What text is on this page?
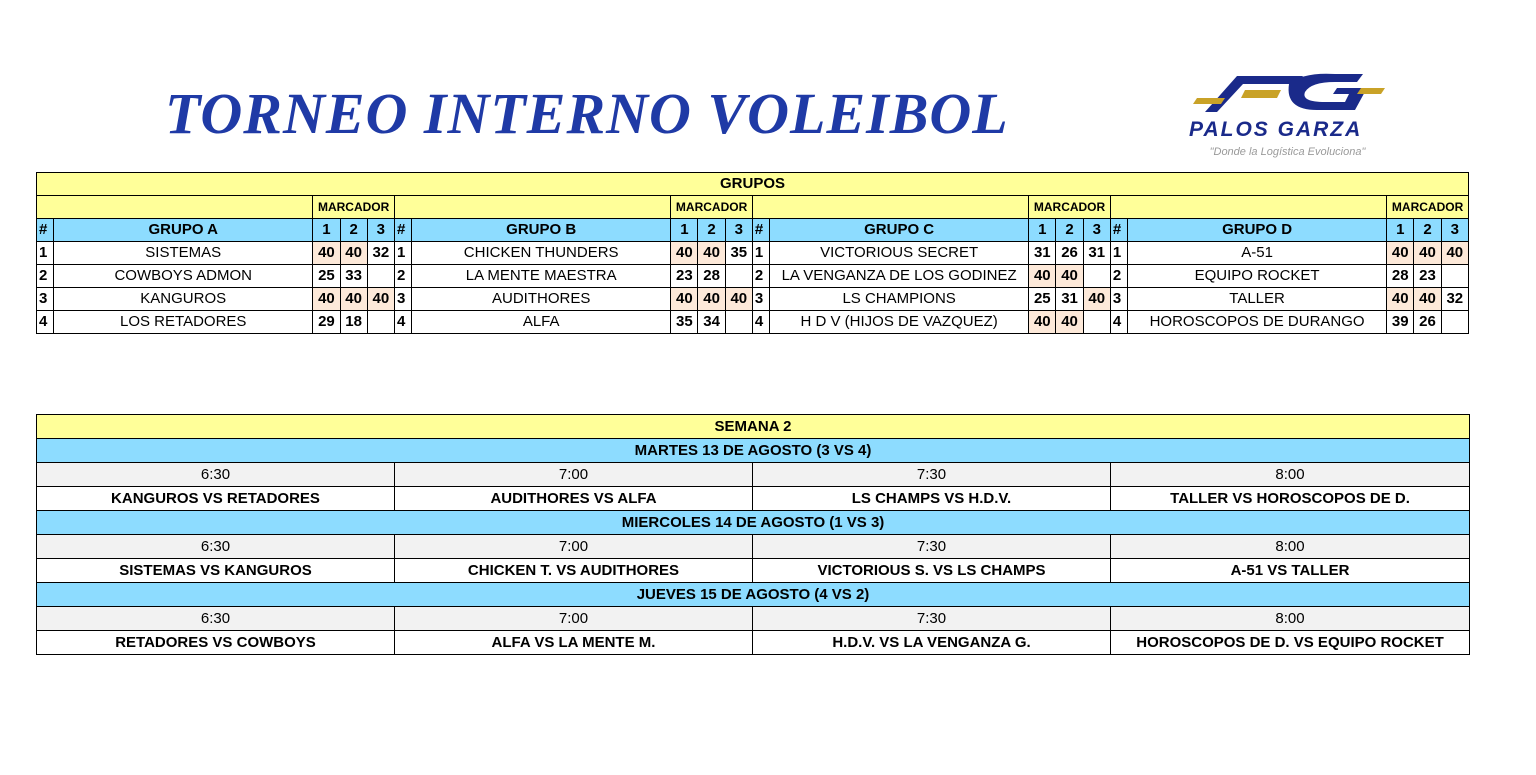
TORNEO INTERNO VOLEIBOL	PALOS GARZA
"Donde la Logística Evoluciona"
GRUPOS																			
		MARCADOR					MARCADOR					MARCADOR					MARCADOR		
#	GRUPO A	1	2	3	#	GRUPO B	1	2	3	#	GRUPO C	1	2	3	#	GRUPO D	1	2	3
1	SISTEMAS	40	40	32	1	CHICKEN THUNDERS	40	40	35	1	VICTORIOUS SECRET	31	26	31	1	A-51	40	40	40
2	COWBOYS ADMON	25	33		2	LA MENTE MAESTRA	23	28		2	LA VENGANZA DE LOS GODINEZ	40	40		2	EQUIPO ROCKET	28	23	
3	KANGUROS	40	40	40	3	AUDITHORES	40	40	40	3	LS CHAMPIONS	25	31	40	3	TALLER	40	40	32
4	LOS RETADORES	29	18		4	ALFA	35	34		4	H D V (HIJOS DE VAZQUEZ)	40	40		4	HOROSCOPOS DE DURANGO	39	26	
SEMANA 2			
MARTES 13 DE AGOSTO (3 VS 4)			
6:30	7:00	7:30	8:00
KANGUROS VS RETADORES	AUDITHORES VS ALFA	LS CHAMPS VS H.D.V.	TALLER VS HOROSCOPOS DE D.
MIERCOLES 14 DE AGOSTO (1 VS 3)			
6:30	7:00	7:30	8:00
SISTEMAS VS KANGUROS	CHICKEN T. VS AUDITHORES	VICTORIOUS S. VS LS CHAMPS	A-51 VS TALLER
JUEVES 15 DE AGOSTO (4 VS 2)			
6:30	7:00	7:30	8:00
RETADORES VS COWBOYS	ALFA VS LA MENTE M.	H.D.V. VS LA VENGANZA G.	HOROSCOPOS DE D. VS EQUIPO ROCKET
